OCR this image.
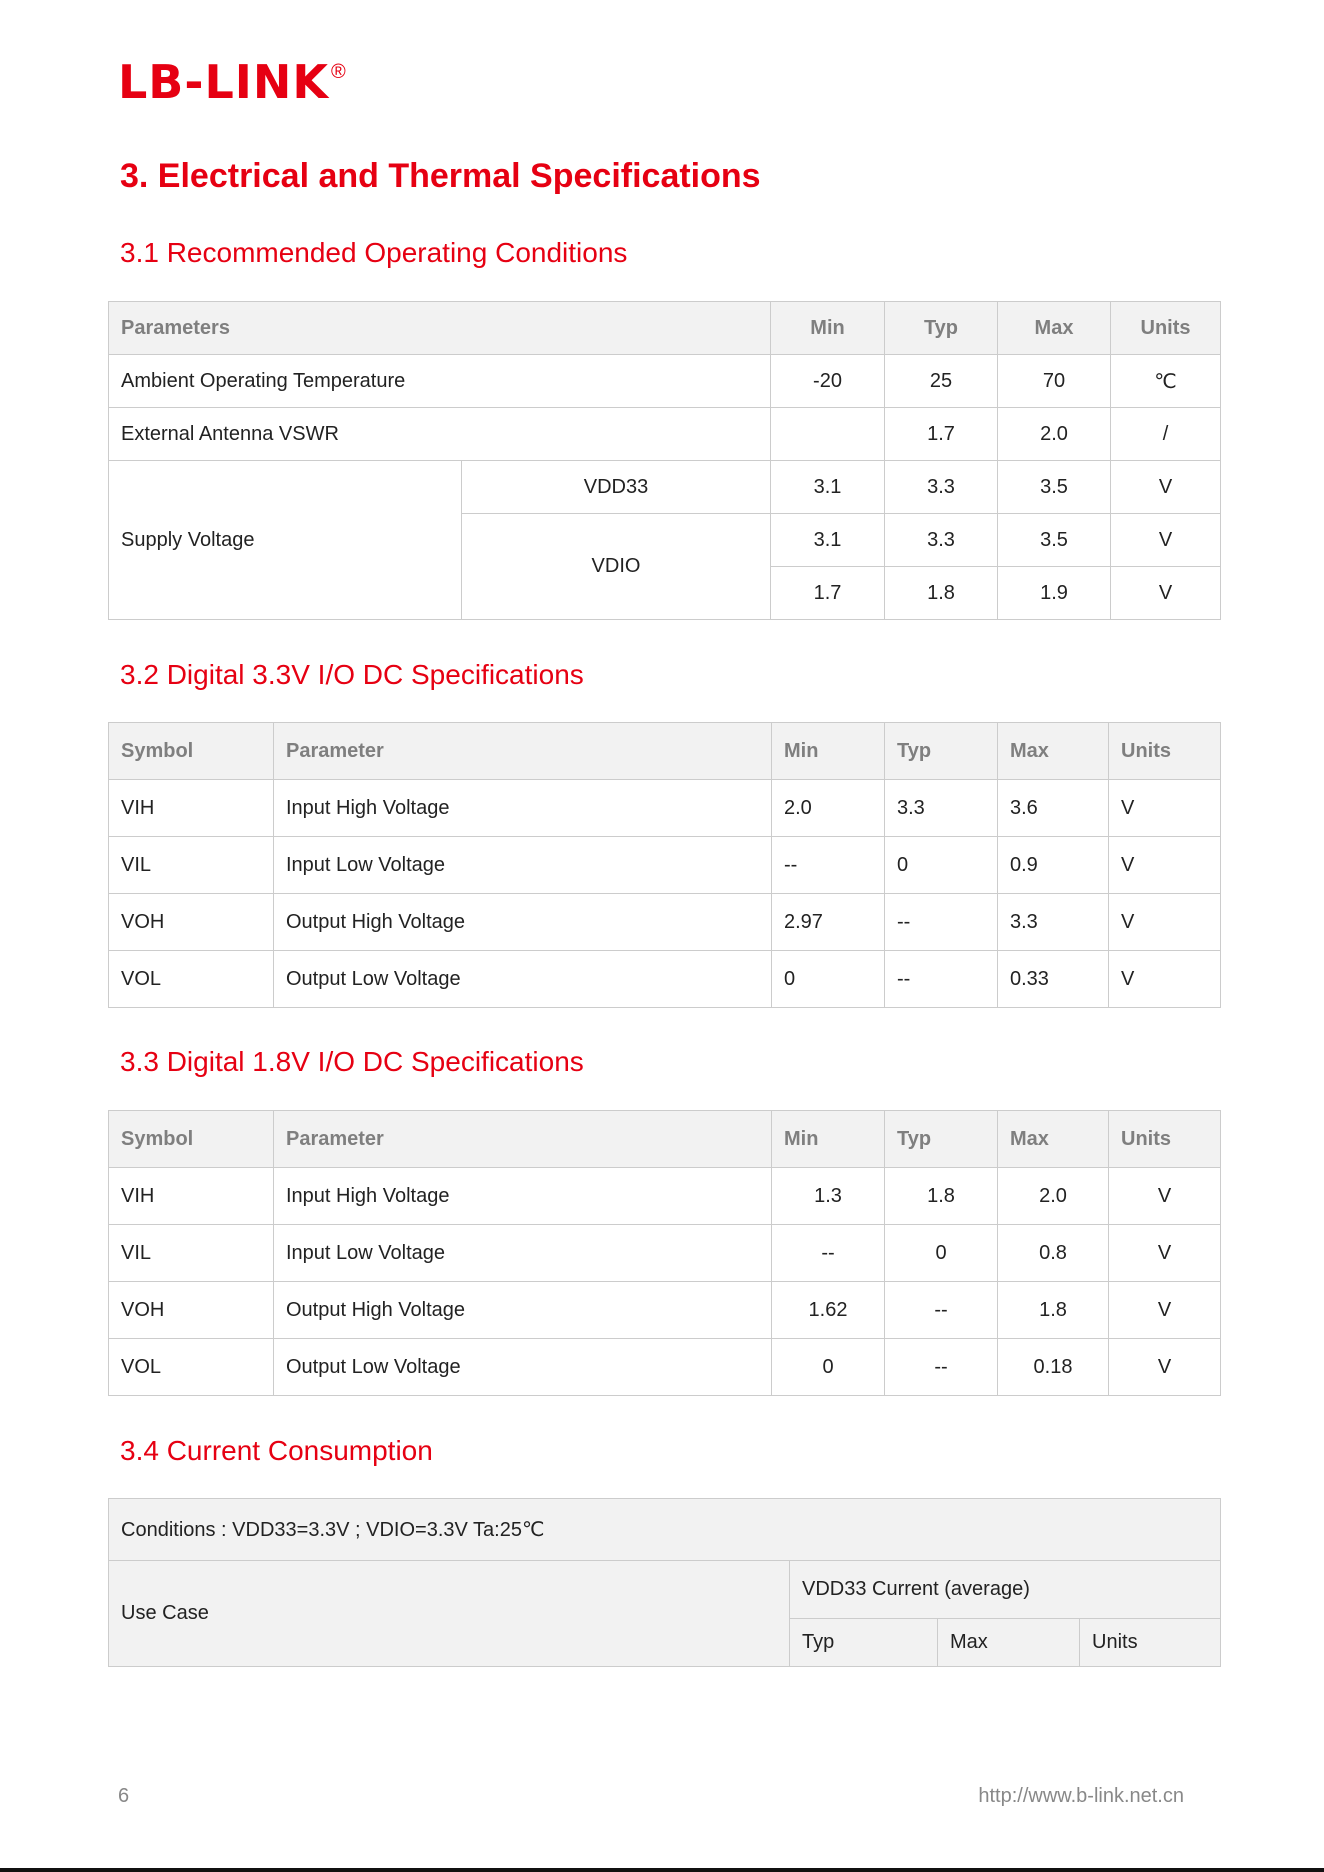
LB-LINK ®
3. Electrical and Thermal Specifications
3.1 Recommended Operating Conditions
Parameters		Min	Typ	Max	Units
Ambient Operating Temperature		-20	25	70	℃
External Antenna VSWR			1.7	2.0	/
Supply Voltage	VDD33	3.1	3.3	3.5	V
	VDIO	3.1	3.3	3.5	V
		1.7	1.8	1.9	V
3.2 Digital 3.3V I/O DC Specifications
Symbol	Parameter	Min	Typ	Max	Units
VIH	Input High Voltage	2.0	3.3	3.6	V
VIL	Input Low Voltage	--	0	0.9	V
VOH	Output High Voltage	2.97	--	3.3	V
VOL	Output Low Voltage	0	--	0.33	V
3.3 Digital 1.8V I/O DC Specifications
Symbol	Parameter	Min	Typ	Max	Units
VIH	Input High Voltage	1.3	1.8	2.0	V
VIL	Input Low Voltage	--	0	0.8	V
VOH	Output High Voltage	1.62	--	1.8	V
VOL	Output Low Voltage	0	--	0.18	V
3.4 Current Consumption
Conditions : VDD33=3.3V ; VDIO=3.3V Ta:25℃			
Use Case	VDD33 Current (average)		
	Typ	Max	Units
6	http://www.b-link.net.cn
